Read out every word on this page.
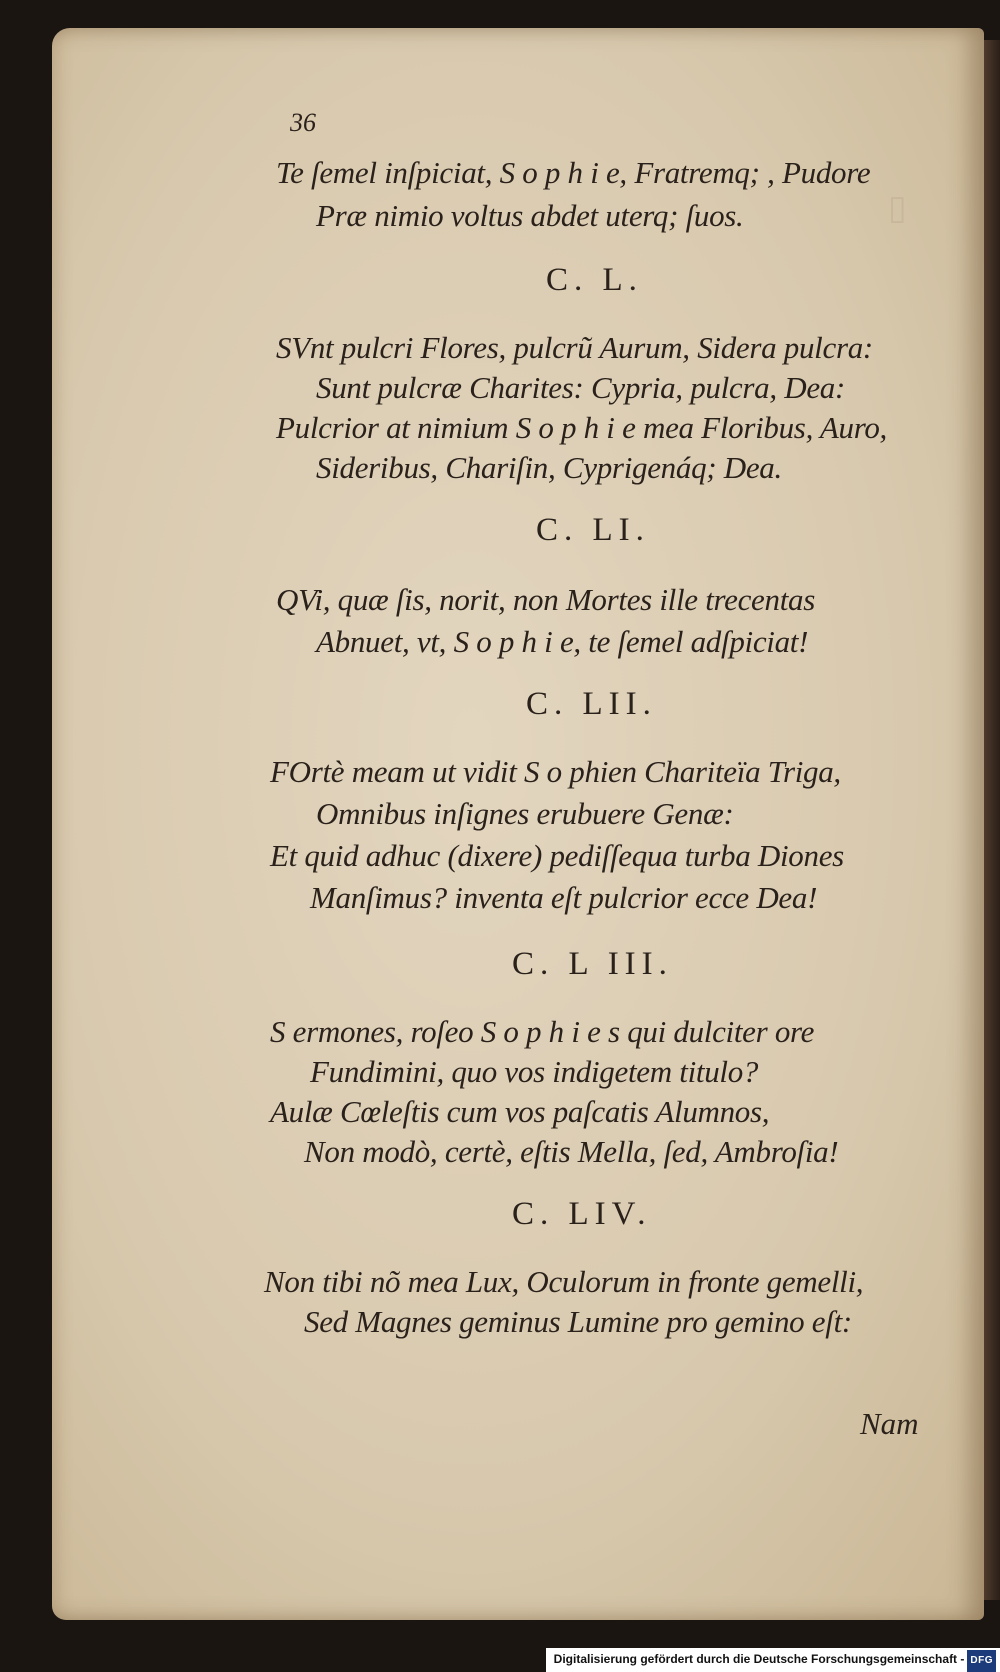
▯
36
Te ſemel inſpiciat, S o p h i e, Fratremq; , Pudore
Præ nimio voltus abdet uterq; ſuos.
C. L.
SVnt pulcri Flores, pulcrũ Aurum, Sidera pulcra:
Sunt pulcræ Charites: Cypria, pulcra, Dea:
Pulcrior at nimium S o p h i e mea Floribus, Auro,
Sideribus, Chariſin, Cyprigenáq; Dea.
C. LI.
QVi, quæ ſis, norit, non Mortes ille trecentas
Abnuet, vt, S o p h i e, te ſemel adſpiciat!
C. LII.
FOrtè meam ut vidit S o phien Chariteïa Triga,
Omnibus inſignes erubuere Genæ:
Et quid adhuc (dixere) pediſſequa turba Diones
Manſimus? inventa eſt pulcrior ecce Dea!
C. L III.
S ermones, roſeo S o p h i e s qui dulciter ore
Fundimini, quo vos indigetem titulo?
Aulæ Cœleſtis cum vos paſcatis Alumnos,
Non modò, certè, eſtis Mella, ſed, Ambroſia!
C. LIV.
Non tibi nõ mea Lux, Oculorum in fronte gemelli,
Sed Magnes geminus Lumine pro gemino eſt:
Nam
Digitalisierung gefördert durch die Deutsche Forschungsgemeinschaft - DFG
